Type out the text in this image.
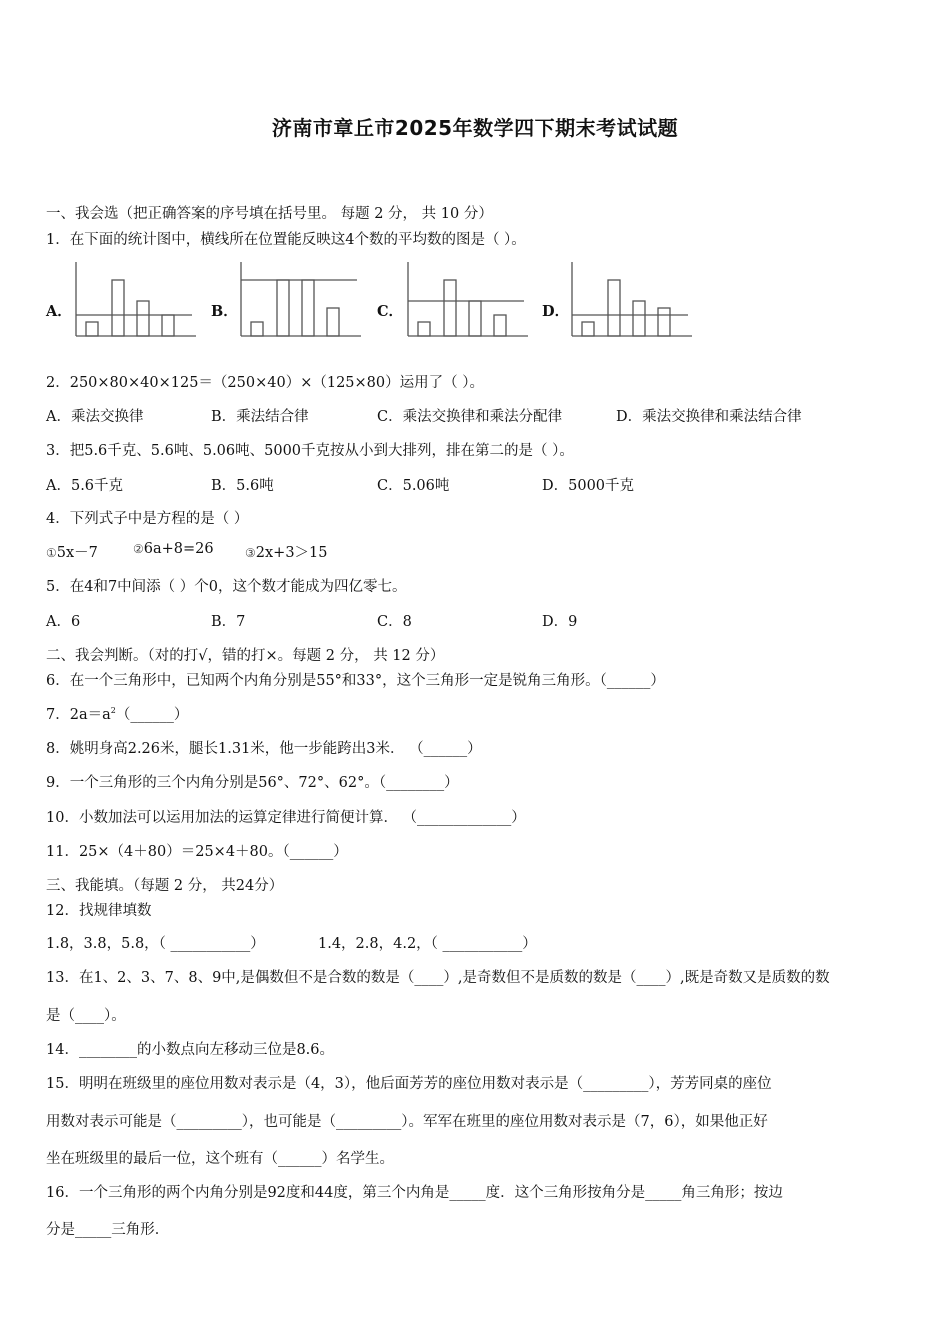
济南市章丘市2025年数学四下期末考试试题
一、我会选（把正确答案的序号填在括号里。 每题 2 分， 共 10 分）
1．在下面的统计图中，横线所在位置能反映这4个数的平均数的图是（ ）。
A．	B．	C．	D．
2．250×80×40×125＝（250×40）×（125×80）运用了（ ）。
A．乘法交换律	B．乘法结合律	C．乘法交换律和乘法分配律	D．乘法交换律和乘法结合律
3．把5.6千克、5.6吨、5.06吨、5000千克按从小到大排列，排在第二的是（ ）。
A．5.6千克	B．5.6吨	C．5.06吨	D．5000千克
4．下列式子中是方程的是（ ）
①5x－7	②6a+8=26	③2x+3＞15
5．在4和7中间添（ ）个0，这个数才能成为四亿零七。
A．6	B．7	C．8	D．9
二、我会判断。（对的打√，错的打×。每题 2 分， 共 12 分）
6．在一个三角形中，已知两个内角分别是55°和33°，这个三角形一定是锐角三角形。（______）
7．$2a=a^2(\_\_\_\_\_\_)$
8．姚明身高2.26米，腿长1.31米，他一步能跨出3米． （______）
9．一个三角形的三个内角分别是56°、72°、62°。（________）
10．小数加法可以运用加法的运算定律进行简便计算． （_____________）
11．25×（4＋80）＝25×4＋80。（______）
三、我能填。（每题 2 分， 共24分）
12．找规律填数
1.8，3.8，5.8，（ ___________）	1.4，2.8，4.2，（ ___________）
13．在1、2、3、7、8、9中,是偶数但不是合数的数是（____）,是奇数但不是质数的数是（____）,既是奇数又是质数的数
是（____）。
14．________的小数点向左移动三位是8.6。
15．明明在班级里的座位用数对表示是（4，3），他后面芳芳的座位用数对表示是（_________），芳芳同桌的座位
用数对表示可能是（_________），也可能是（_________）。军军在班里的座位用数对表示是（7，6），如果他正好
坐在班级里的最后一位，这个班有（______）名学生。
16．一个三角形的两个内角分别是92度和44度，第三个内角是_____度．这个三角形按角分是_____角三角形；按边
分是_____三角形．
